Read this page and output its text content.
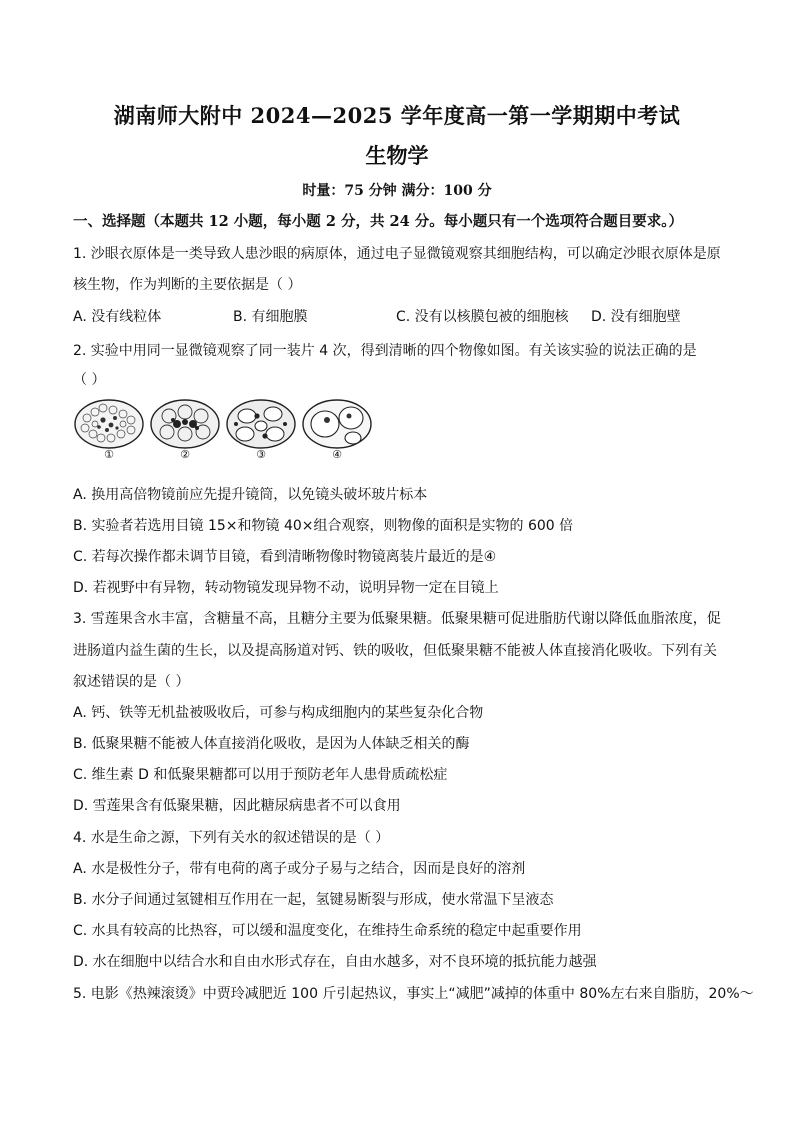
湖南师大附中 2024—2025 学年度高一第一学期期中考试
生物学
时量：75 分钟 满分：100 分
一、选择题（本题共 12 小题，每小题 2 分，共 24 分。每小题只有一个选项符合题目要求。）
1. 沙眼衣原体是一类导致人患沙眼的病原体，通过电子显微镜观察其细胞结构，可以确定沙眼衣原体是原
核生物，作为判断的主要依据是（ ）
A. 没有线粒体	B. 有细胞膜	C. 没有以核膜包被的细胞核 D. 没有细胞壁
2. 实验中用同一显微镜观察了同一装片 4 次，得到清晰的四个物像如图。有关该实验的说法正确的是
（ ）
①	②	③	④
A. 换用高倍物镜前应先提升镜筒，以免镜头破坏玻片标本
B. 实验者若选用目镜 15×和物镜 40×组合观察，则物像的面积是实物的 600 倍
C. 若每次操作都未调节目镜，看到清晰物像时物镜离装片最近的是④
D. 若视野中有异物，转动物镜发现异物不动，说明异物一定在目镜上
3. 雪莲果含水丰富，含糖量不高，且糖分主要为低聚果糖。低聚果糖可促进脂肪代谢以降低血脂浓度，促
进肠道内益生菌的生长，以及提高肠道对钙、铁的吸收，但低聚果糖不能被人体直接消化吸收。下列有关
叙述错误的是（ ）
A. 钙、铁等无机盐被吸收后，可参与构成细胞内的某些复杂化合物
B. 低聚果糖不能被人体直接消化吸收，是因为人体缺乏相关的酶
C. 维生素 D 和低聚果糖都可以用于预防老年人患骨质疏松症
D. 雪莲果含有低聚果糖，因此糖尿病患者不可以食用
4. 水是生命之源，下列有关水的叙述错误的是（ ）
A. 水是极性分子，带有电荷的离子或分子易与之结合，因而是良好的溶剂
B. 水分子间通过氢键相互作用在一起，氢键易断裂与形成，使水常温下呈液态
C. 水具有较高的比热容，可以缓和温度变化，在维持生命系统的稳定中起重要作用
D. 水在细胞中以结合水和自由水形式存在，自由水越多，对不良环境的抵抗能力越强
5. 电影《热辣滚烫》中贾玲减肥近 100 斤引起热议，事实上“减肥”减掉的体重中 80%左右来自脂肪，20%～
